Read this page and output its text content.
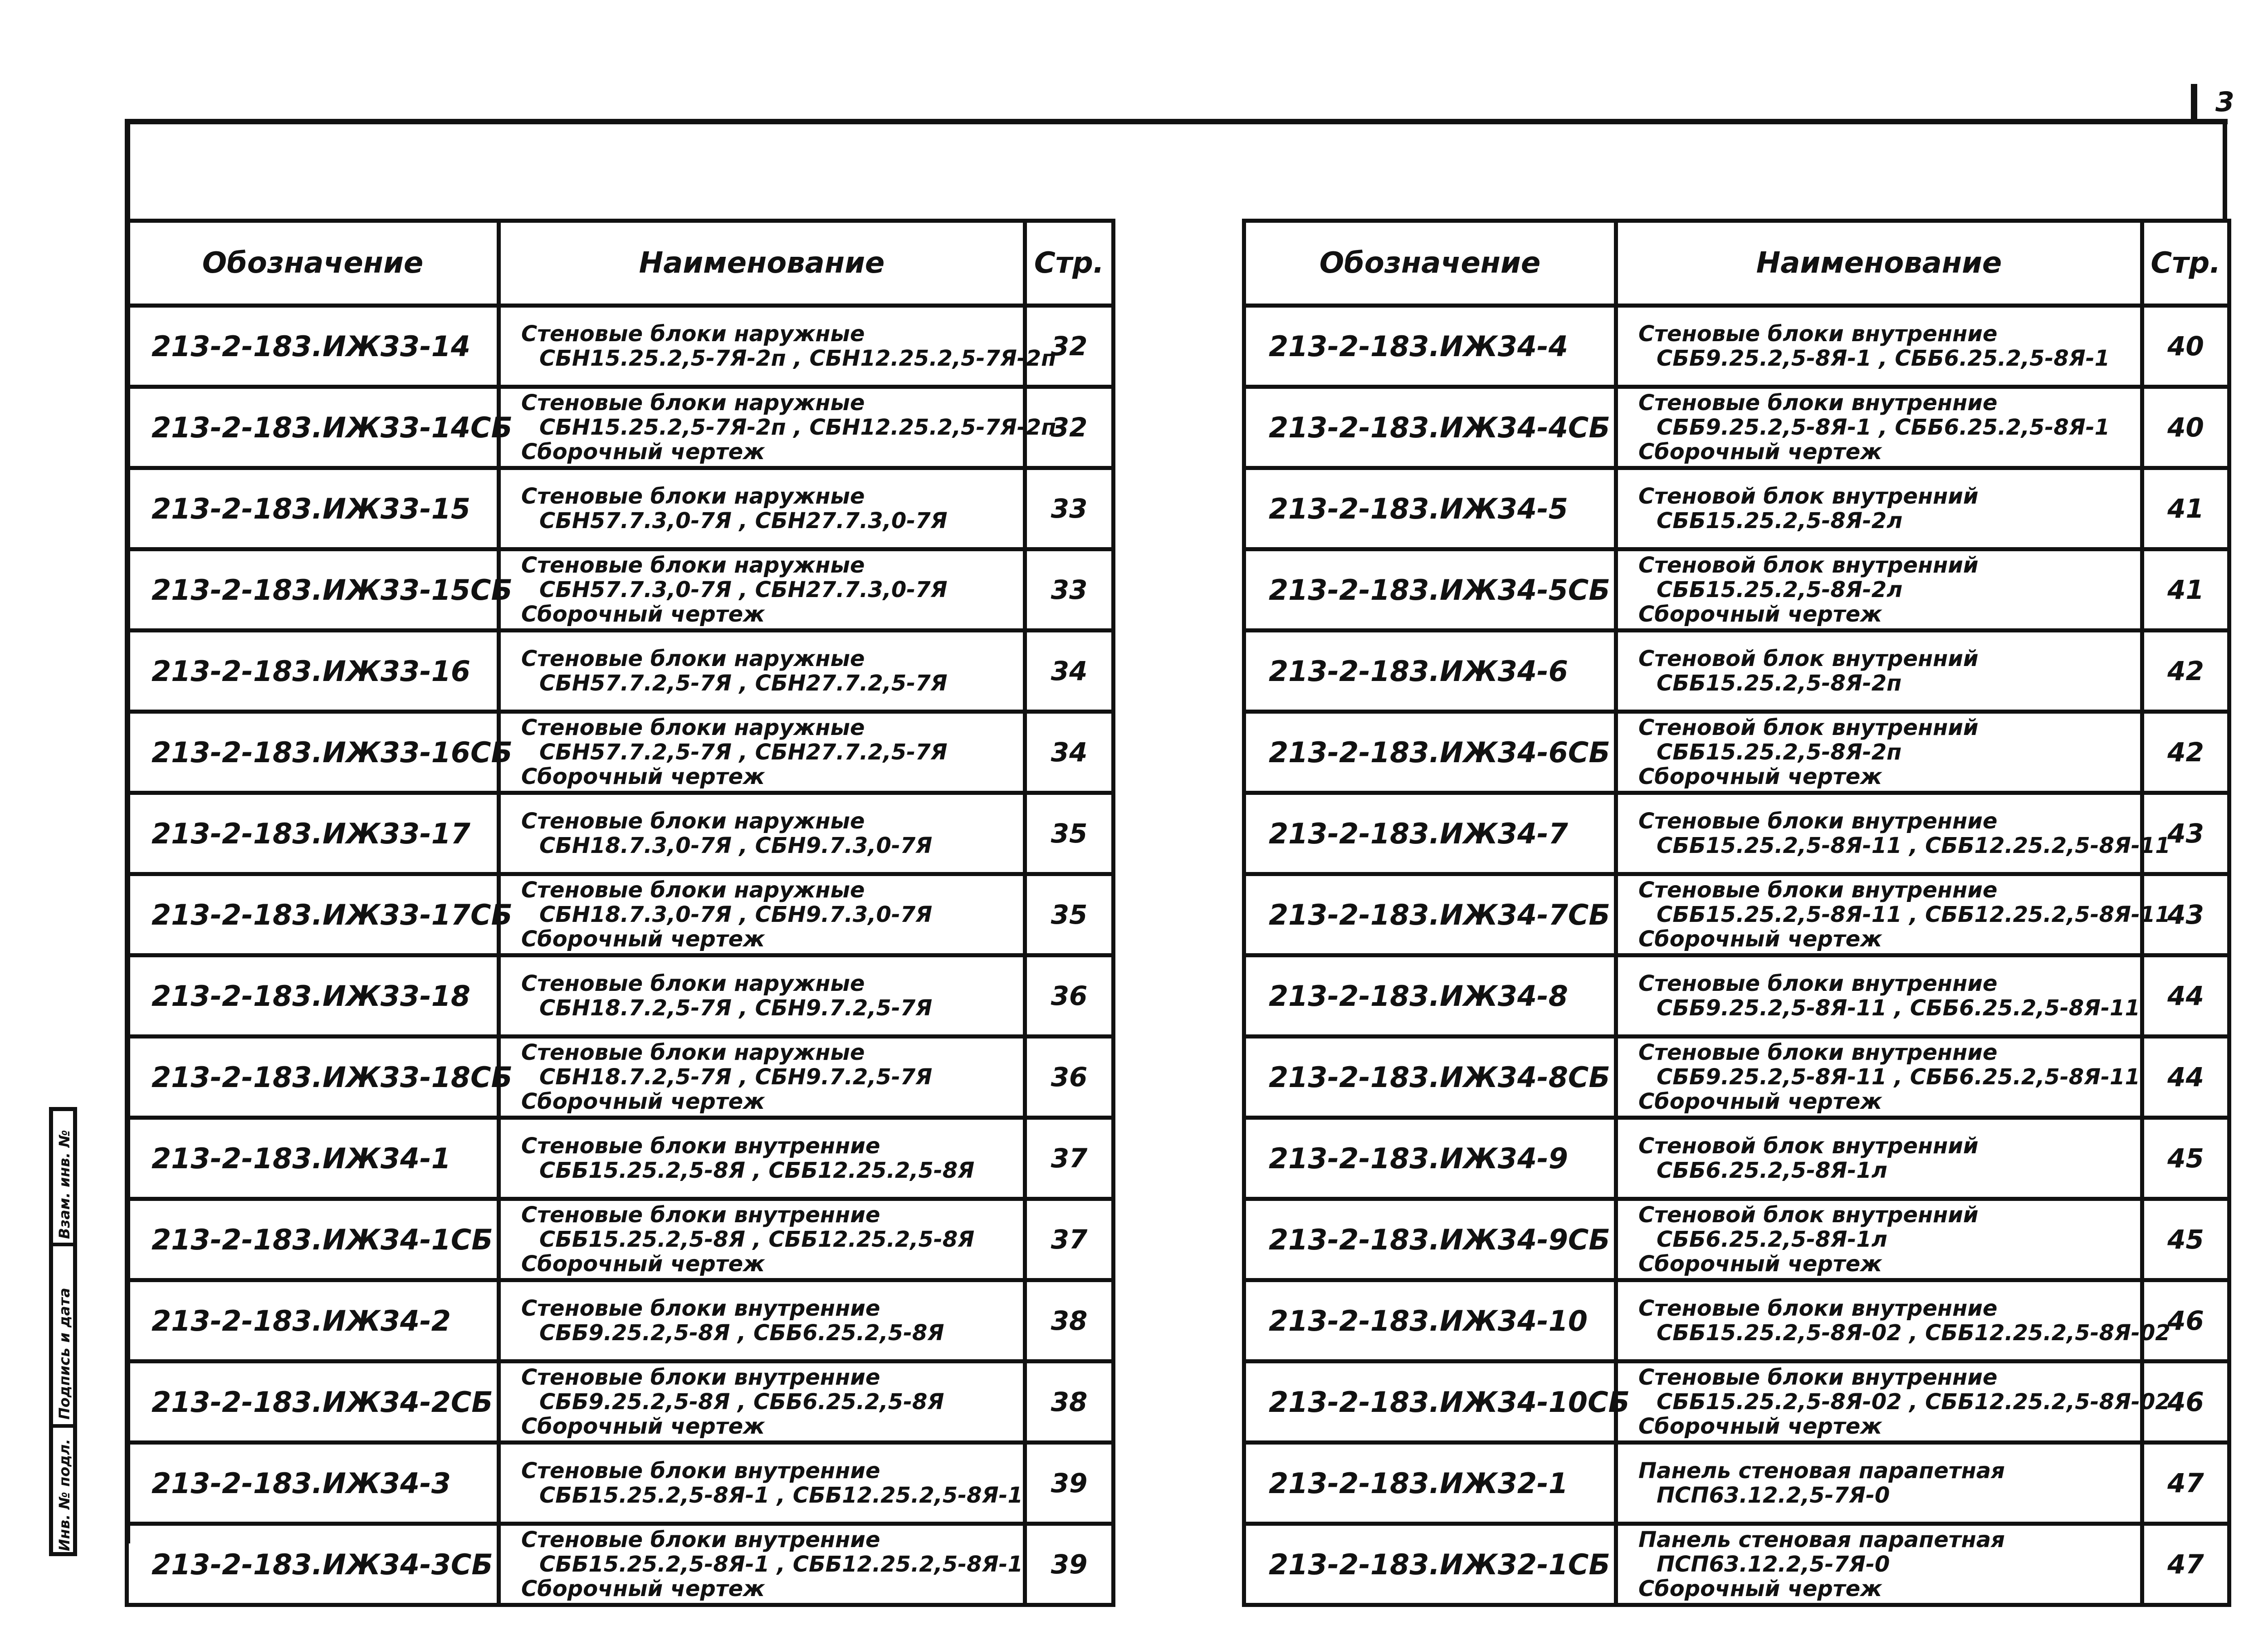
3
Обозначение	Наименование	Стр.
213-2-183.ИЖ33-14	Стеновые блоки наружные
СБН15.25.2,5-7Я-2п , СБН12.25.2,5-7Я-2п	32
213-2-183.ИЖ33-14СБ	Стеновые блоки наружные
СБН15.25.2,5-7Я-2п , СБН12.25.2,5-7Я-2п
Сборочный чертеж	32
213-2-183.ИЖ33-15	Стеновые блоки наружные
СБН57.7.3,0-7Я , СБН27.7.3,0-7Я	33
213-2-183.ИЖ33-15СБ	Стеновые блоки наружные
СБН57.7.3,0-7Я , СБН27.7.3,0-7Я
Сборочный чертеж	33
213-2-183.ИЖ33-16	Стеновые блоки наружные
СБН57.7.2,5-7Я , СБН27.7.2,5-7Я	34
213-2-183.ИЖ33-16СБ	Стеновые блоки наружные
СБН57.7.2,5-7Я , СБН27.7.2,5-7Я
Сборочный чертеж	34
213-2-183.ИЖ33-17	Стеновые блоки наружные
СБН18.7.3,0-7Я , СБН9.7.3,0-7Я	35
213-2-183.ИЖ33-17СБ	Стеновые блоки наружные
СБН18.7.3,0-7Я , СБН9.7.3,0-7Я
Сборочный чертеж	35
213-2-183.ИЖ33-18	Стеновые блоки наружные
СБН18.7.2,5-7Я , СБН9.7.2,5-7Я	36
213-2-183.ИЖ33-18СБ	Стеновые блоки наружные
СБН18.7.2,5-7Я , СБН9.7.2,5-7Я
Сборочный чертеж	36
213-2-183.ИЖ34-1	Стеновые блоки внутренние
СББ15.25.2,5-8Я , СББ12.25.2,5-8Я	37
213-2-183.ИЖ34-1СБ	Стеновые блоки внутренние
СББ15.25.2,5-8Я , СББ12.25.2,5-8Я
Сборочный чертеж	37
213-2-183.ИЖ34-2	Стеновые блоки внутренние
СББ9.25.2,5-8Я , СББ6.25.2,5-8Я	38
213-2-183.ИЖ34-2СБ	Стеновые блоки внутренние
СББ9.25.2,5-8Я , СББ6.25.2,5-8Я
Сборочный чертеж	38
213-2-183.ИЖ34-3	Стеновые блоки внутренние
СББ15.25.2,5-8Я-1 , СББ12.25.2,5-8Я-1	39
213-2-183.ИЖ34-3СБ	Стеновые блоки внутренние
СББ15.25.2,5-8Я-1 , СББ12.25.2,5-8Я-1
Сборочный чертеж	39
Обозначение	Наименование	Стр.
213-2-183.ИЖ34-4	Стеновые блоки внутренние
СББ9.25.2,5-8Я-1 , СББ6.25.2,5-8Я-1	40
213-2-183.ИЖ34-4СБ	Стеновые блоки внутренние
СББ9.25.2,5-8Я-1 , СББ6.25.2,5-8Я-1
Сборочный чертеж	40
213-2-183.ИЖ34-5	Стеновой блок внутренний
СББ15.25.2,5-8Я-2л	41
213-2-183.ИЖ34-5СБ	Стеновой блок внутренний
СББ15.25.2,5-8Я-2л
Сборочный чертеж	41
213-2-183.ИЖ34-6	Стеновой блок внутренний
СББ15.25.2,5-8Я-2п	42
213-2-183.ИЖ34-6СБ	Стеновой блок внутренний
СББ15.25.2,5-8Я-2п
Сборочный чертеж	42
213-2-183.ИЖ34-7	Стеновые блоки внутренние
СББ15.25.2,5-8Я-11 , СББ12.25.2,5-8Я-11	43
213-2-183.ИЖ34-7СБ	Стеновые блоки внутренние
СББ15.25.2,5-8Я-11 , СББ12.25.2,5-8Я-11
Сборочный чертеж	43
213-2-183.ИЖ34-8	Стеновые блоки внутренние
СББ9.25.2,5-8Я-11 , СББ6.25.2,5-8Я-11	44
213-2-183.ИЖ34-8СБ	Стеновые блоки внутренние
СББ9.25.2,5-8Я-11 , СББ6.25.2,5-8Я-11
Сборочный чертеж	44
213-2-183.ИЖ34-9	Стеновой блок внутренний
СББ6.25.2,5-8Я-1л	45
213-2-183.ИЖ34-9СБ	Стеновой блок внутренний
СББ6.25.2,5-8Я-1л
Сборочный чертеж	45
213-2-183.ИЖ34-10	Стеновые блоки внутренние
СББ15.25.2,5-8Я-02 , СББ12.25.2,5-8Я-02	46
213-2-183.ИЖ34-10СБ	Стеновые блоки внутренние
СББ15.25.2,5-8Я-02 , СББ12.25.2,5-8Я-02
Сборочный чертеж	46
213-2-183.ИЖ32-1	Панель стеновая парапетная
ПСП63.12.2,5-7Я-0	47
213-2-183.ИЖ32-1СБ	Панель стеновая парапетная
ПСП63.12.2,5-7Я-0
Сборочный чертеж	47
Взам. инв. №
Подпись и дата
Инв. № подл.
